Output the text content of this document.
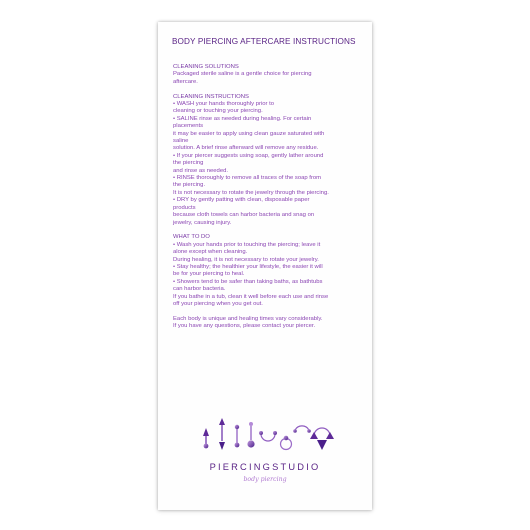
BODY PIERCING AFTERCARE INSTRUCTIONS
CLEANING SOLUTIONS
Packaged sterile saline is a gentle choice for piercing
aftercare.
CLEANING INSTRUCTIONS
• WASH your hands thoroughly prior to
cleaning or touching your piercing.
• SALINE rinse as needed during healing. For certain
placements
it may be easier to apply using clean gauze saturated with
saline
solution. A brief rinse afterward will remove any residue.
• If your piercer suggests using soap, gently lather around
the piercing
and rinse as needed.
• RINSE thoroughly to remove all traces of the soap from
the piercing.
It is not necessary to rotate the jewelry through the piercing.
• DRY by gently patting with clean, disposable paper
products
because cloth towels can harbor bacteria and snag on
jewelry, causing injury.
WHAT TO DO
• Wash your hands prior to touching the piercing; leave it
alone except when cleaning.
During healing, it is not necessary to rotate your jewelry.
• Stay healthy; the healthier your lifestyle, the easier it will
be for your piercing to heal.
• Showers tend to be safer than taking baths, as bathtubs
can harbor bacteria.
If you bathe in a tub, clean it well before each use and rinse
off your piercing when you get out.
Each body is unique and healing times vary considerably.
If you have any questions, please contact your piercer.
PIERCINGSTUDIO
body piercing
